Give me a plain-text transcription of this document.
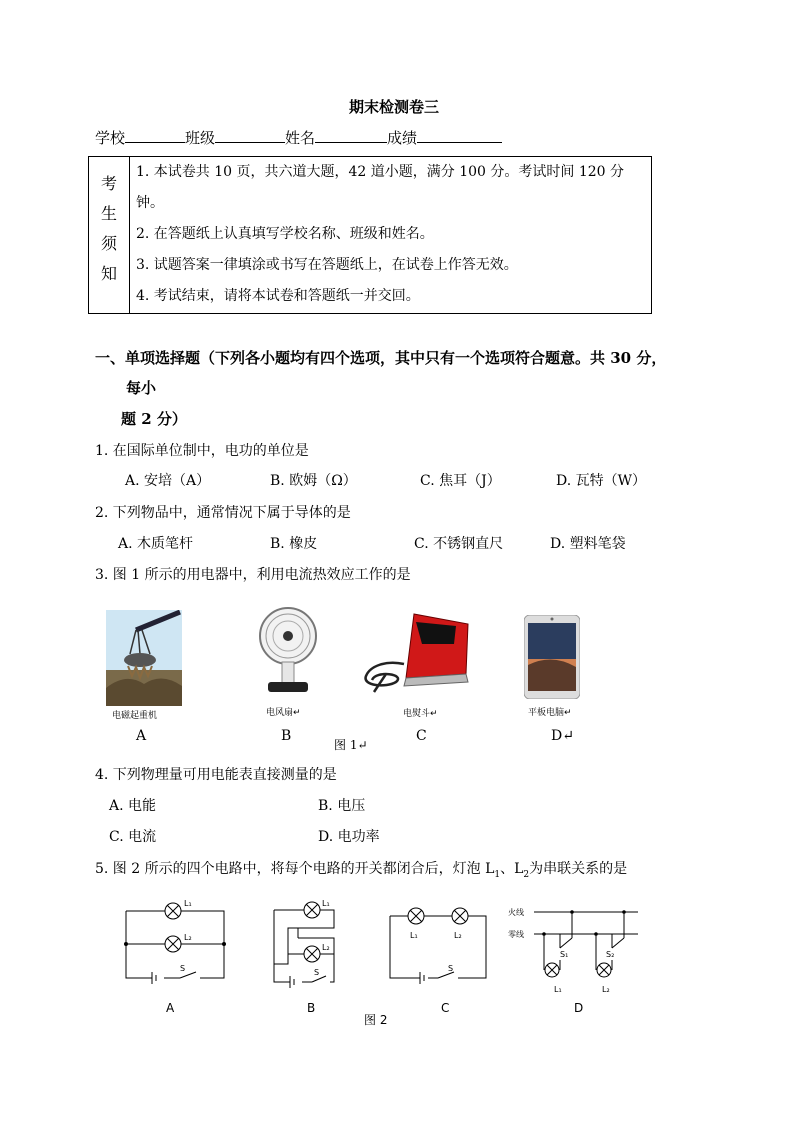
期末检测卷三
学校	班级	姓名	成绩
考
生
须
知

1. 本试卷共 10 页，共六道大题，42 道小题，满分 100 分。考试时间 120 分钟。
2. 在答题纸上认真填写学校名称、班级和姓名。
3. 试题答案一律填涂或书写在答题纸上，在试卷上作答无效。
4. 考试结束，请将本试卷和答题纸一并交回。
一、单项选择题（下列各小题均有四个选项，其中只有一个选项符合题意。共 30 分，
每小
题 2 分）
1. 在国际单位制中，电功的单位是
A. 安培（A）	B. 欧姆（Ω）	C. 焦耳（J）	D. 瓦特（W）
2. 下列物品中，通常情况下属于导体的是
A. 木质笔杆	B. 橡皮	C. 不锈钢直尺	D. 塑料笔袋
3. 图 1 所示的用电器中，利用电流热效应工作的是
电磁起重机	电风扇↵	电熨斗↵	平板电脑↵
A	B	C	D↵
图 1↵
4. 下列物理量可用电能表直接测量的是
A. 电能	B. 电压
C. 电流	D. 电功率
5. 图 2 所示的四个电路中，将每个电路的开关都闭合后，灯泡 $L_1$、$L_2$为串联关系的是
L₁
L₂
S
L₁
L₂
S
L₁	L₂
S
火线
零线
S₁	S₂
L₁	L₂
A	B	C	D
图 2
